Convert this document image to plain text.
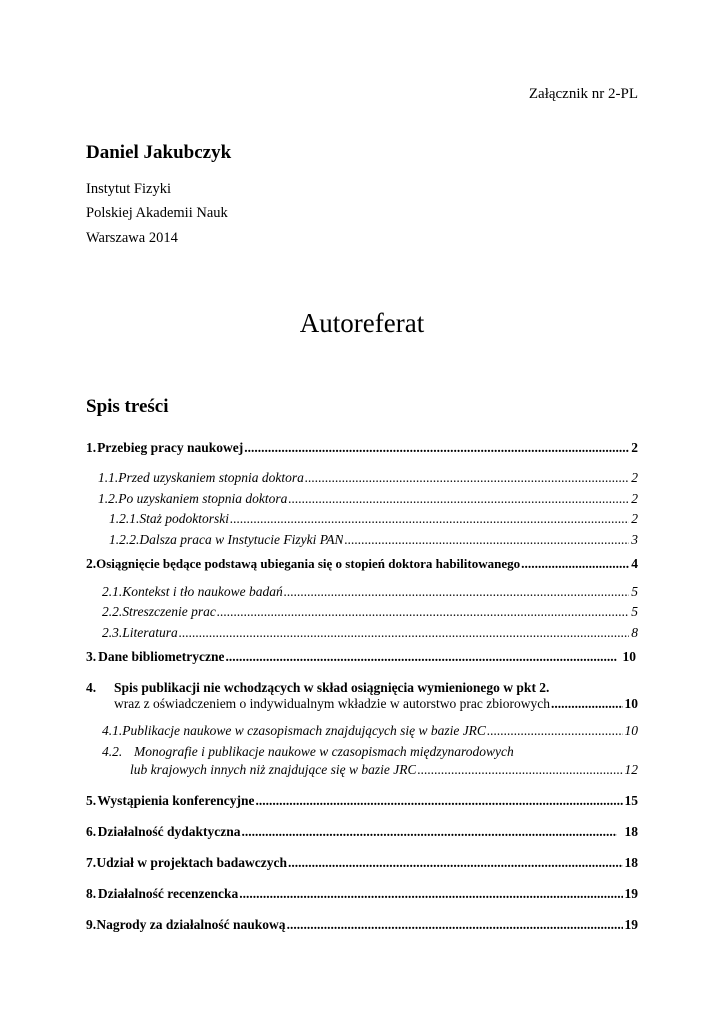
Załącznik nr 2-PL
Daniel Jakubczyk
Instytut Fizyki
Polskiej Akademii Nauk
Warszawa 2014
Autoreferat
Spis treści
1. Przebieg pracy naukowej .....	2
1.1. Przed uzyskaniem stopnia doktora .....	2
1.2. Po uzyskaniem stopnia doktora .....	2
1.2.1. Staż podoktorski .....	2
1.2.2. Dalsza praca w Instytucie Fizyki PAN .....	3
2. Osiągnięcie będące podstawą ubiegania się o stopień doktora habilitowanego .....	4
2.1. Kontekst i tło naukowe badań .....	5
2.2. Streszczenie prac .....	5
2.3. Literatura .....	8
3. Dane bibliometryczne .....	10
4. Spis publikacji nie wchodzących w skład osiągnięcia wymienionego w pkt 2.
wraz z oświadczeniem o indywidualnym wkładzie w autorstwo prac zbiorowych .....	10
4.1. Publikacje naukowe w czasopismach znajdujących się w bazie JRC .....	10
4.2. Monografie i publikacje naukowe w czasopismach międzynarodowych
lub krajowych innych niż znajdujące się w bazie JRC .....	12
5. Wystąpienia konferencyjne .....	15
6. Działalność dydaktyczna .....	18
7. Udział w projektach badawczych .....	18
8. Działalność recenzencka .....	19
9. Nagrody za działalność naukową .....	19
